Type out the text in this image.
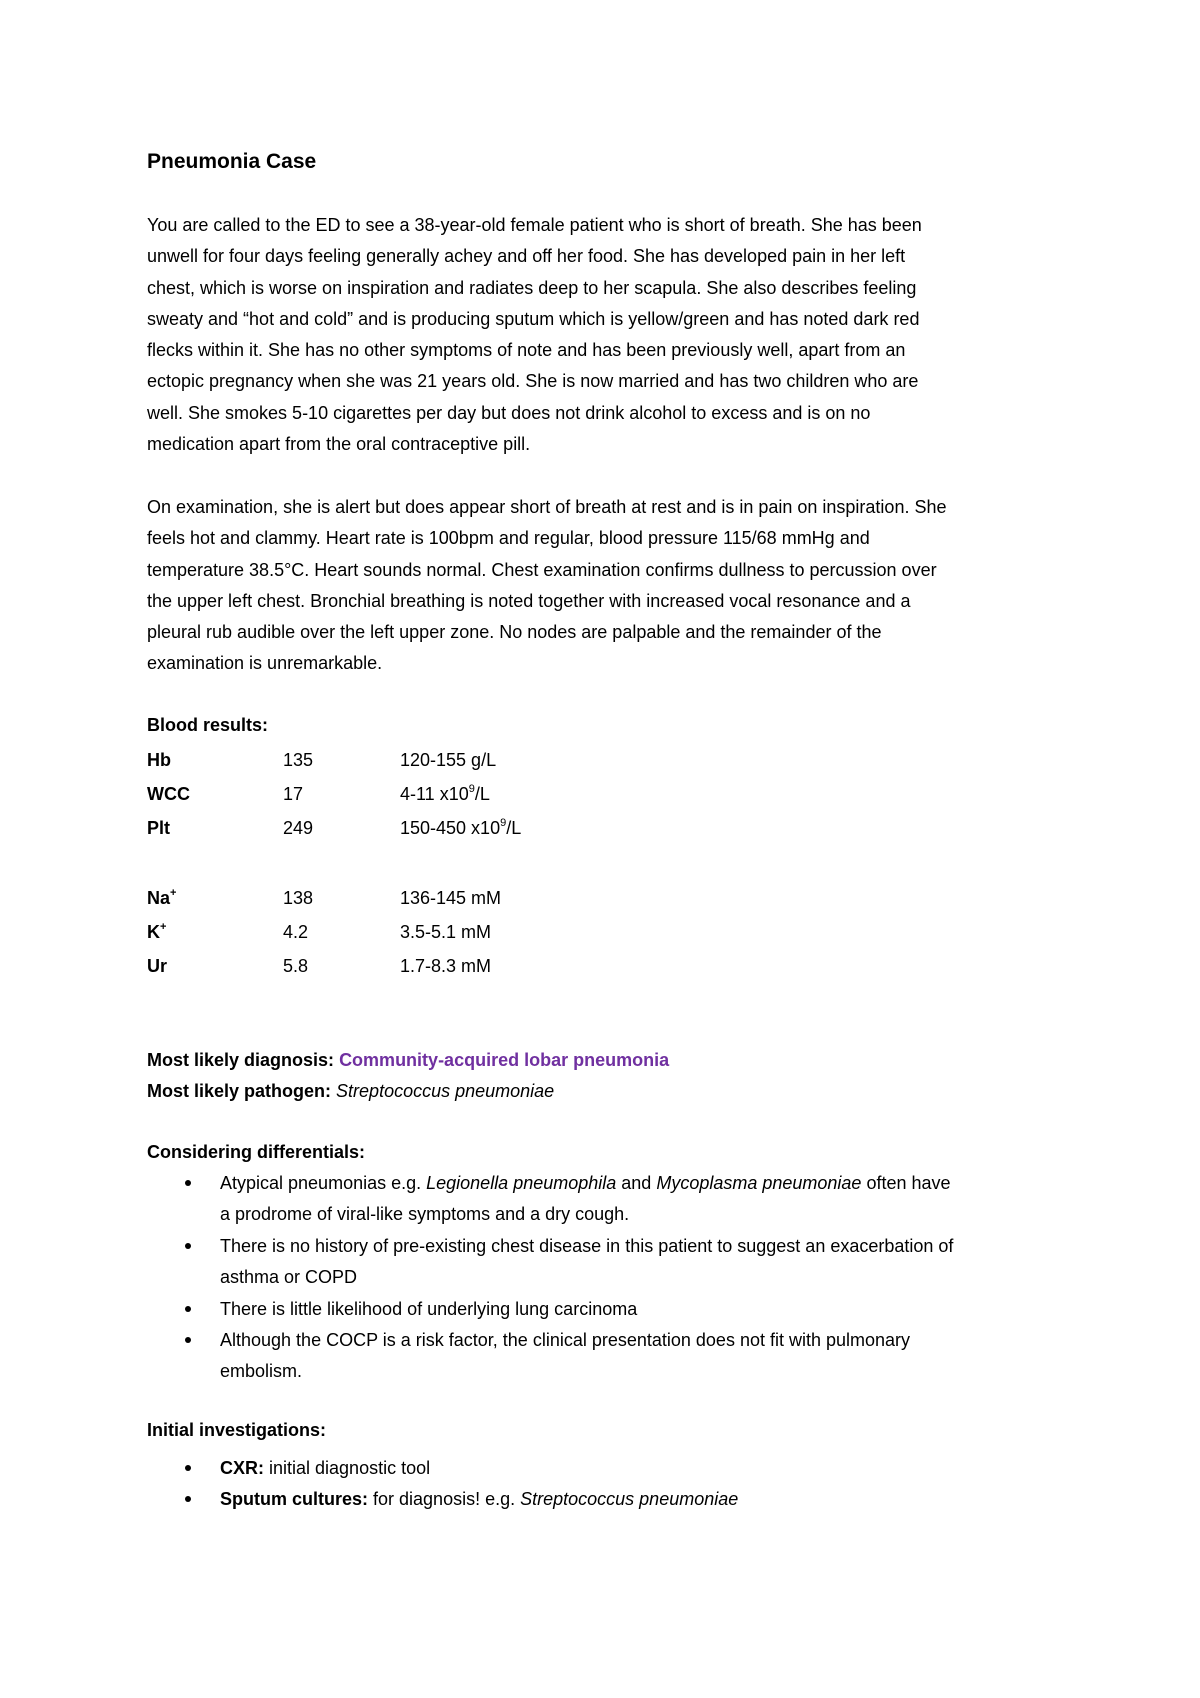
Pneumonia Case

You are called to the ED to see a 38-year-old female patient who is short of breath. She has been

unwell for four days feeling generally achey and off her food. She has developed pain in her left

chest, which is worse on inspiration and radiates deep to her scapula. She also describes feeling

sweaty and “hot and cold” and is producing sputum which is yellow/green and has noted dark red

flecks within it. She has no other symptoms of note and has been previously well, apart from an

ectopic pregnancy when she was 21 years old. She is now married and has two children who are

well. She smokes 5-10 cigarettes per day but does not drink alcohol to excess and is on no

medication apart from the oral contraceptive pill.

On examination, she is alert but does appear short of breath at rest and is in pain on inspiration. She

feels hot and clammy. Heart rate is 100bpm and regular, blood pressure 115/68 mmHg and

temperature 38.5°C. Heart sounds normal. Chest examination confirms dullness to percussion over

the upper left chest. Bronchial breathing is noted together with increased vocal resonance and a

pleural rub audible over the left upper zone. No nodes are palpable and the remainder of the

examination is unremarkable.

Blood results:
Hb	135	120-155 g/L
WCC	17	4-11 $x10^9/L$
Plt	249	150-450 $x10^9/L$
Na+	138	136-145 mM
K+	4.2	3.5-5.1 mM
Ur	5.8	1.7-8.3 mM
Most likely diagnosis: Community-acquired lobar pneumonia
Most likely pathogen: Streptococcus pneumoniae
Considering differentials:
Atypical pneumonias e.g. Legionella pneumophila and Mycoplasma pneumoniae often have
a prodrome of viral-like symptoms and a dry cough.
There is no history of pre-existing chest disease in this patient to suggest an exacerbation of
asthma or COPD
There is little likelihood of underlying lung carcinoma
Although the COCP is a risk factor, the clinical presentation does not fit with pulmonary
embolism.
Initial investigations:
CXR: initial diagnostic tool
Sputum cultures: for diagnosis! e.g. Streptococcus pneumoniae
